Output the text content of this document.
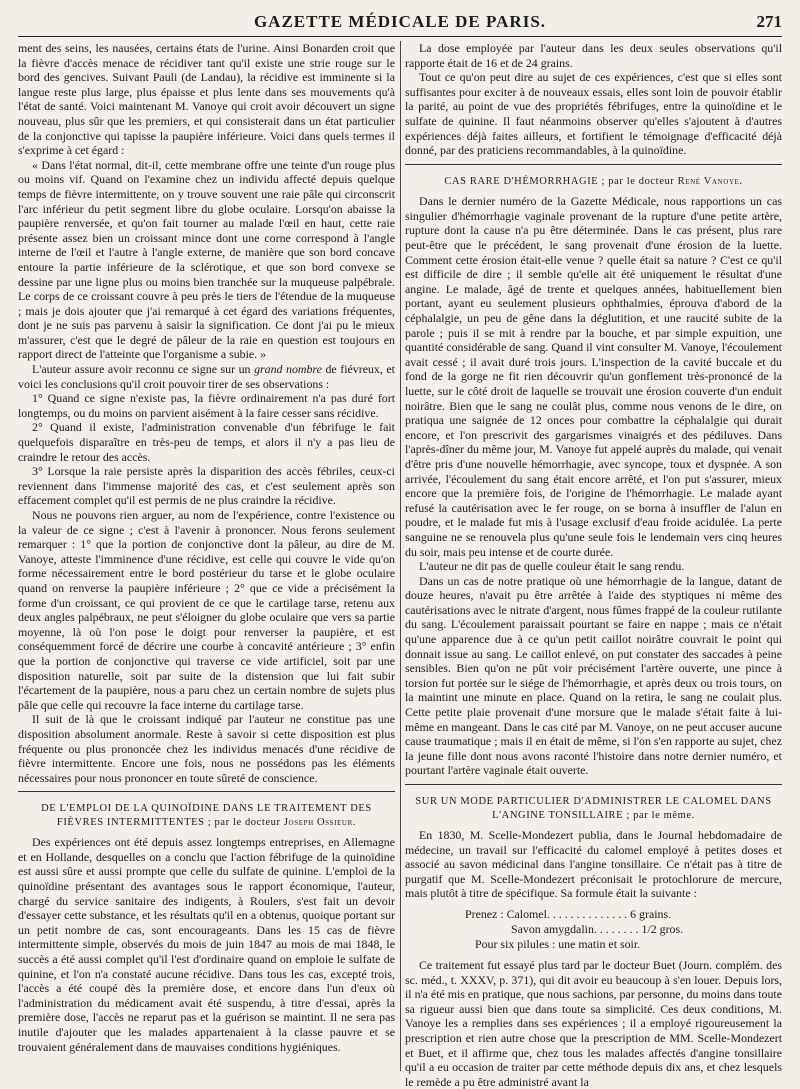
GAZETTE MÉDICALE DE PARIS.	271

ment des seins, les nausées, certains états de l'urine. Ainsi Bonarden croit que la fièvre d'accès menace de récidiver tant qu'il existe une strie rouge sur le bord des gencives. Suivant Pauli (de Landau), la récidive est imminente si la langue reste plus large, plus épaisse et plus lente dans ses mouvements qu'à l'état de santé. Voici maintenant M. Vanoye qui croit avoir découvert un signe nouveau, plus sûr que les premiers, et qui consisterait dans un état particulier de la conjonctive qui tapisse la paupière inférieure. Voici dans quels termes il s'exprime à cet égard :

« Dans l'état normal, dit-il, cette membrane offre une teinte d'un rouge plus ou moins vif. Quand on l'examine chez un individu affecté depuis quelque temps de fièvre intermittente, on y trouve souvent une raie pâle qui circonscrit l'arc inférieur du petit segment libre du globe oculaire. Lorsqu'on abaisse la paupière renversée, et qu'on fait tourner au malade l'œil en haut, cette raie présente assez bien un croissant mince dont une corne correspond à l'angle interne de l'œil et l'autre à l'angle externe, de manière que son bord concave entoure la partie inférieure de la sclérotique, et que son bord convexe se dessine par une ligne plus ou moins bien tranchée sur la muqueuse palpébrale. Le corps de ce croissant couvre à peu près le tiers de l'étendue de la muqueuse ; mais je dois ajouter que j'ai remarqué à cet égard des variations fréquentes, dont je ne suis pas parvenu à saisir la signification. Ce dont j'ai pu le mieux m'assurer, c'est que le degré de pâleur de la raie en question est toujours en rapport direct de l'atteinte que l'organisme a subie. »

L'auteur assure avoir reconnu ce signe sur un grand nombre de fiévreux, et voici les conclusions qu'il croit pouvoir tirer de ses observations :

1° Quand ce signe n'existe pas, la fièvre ordinairement n'a pas duré fort longtemps, ou du moins on parvient aisément à la faire cesser sans récidive.

2° Quand il existe, l'administration convenable d'un fébrifuge le fait quelquefois disparaître en très-peu de temps, et alors il n'y a pas lieu de craindre le retour des accès.

3° Lorsque la raie persiste après la disparition des accès fébriles, ceux-ci reviennent dans l'immense majorité des cas, et c'est seulement après son effacement complet qu'il est permis de ne plus craindre la récidive.

Nous ne pouvons rien arguer, au nom de l'expérience, contre l'existence ou la valeur de ce signe ; c'est à l'avenir à prononcer. Nous ferons seulement remarquer : 1° que la portion de conjonctive dont la pâleur, au dire de M. Vanoye, atteste l'imminence d'une récidive, est celle qui couvre le vide qu'on forme nécessairement entre le bord postérieur du tarse et le globe oculaire quand on renverse la paupière inférieure ; 2° que ce vide a précisément la forme d'un croissant, ce qui provient de ce que le cartilage tarse, retenu aux deux angles palpébraux, ne peut s'éloigner du globe oculaire que vers sa partie moyenne, là où l'on pose le doigt pour renverser la paupière, et est conséquemment forcé de décrire une courbe à concavité antérieure ; 3° enfin que la portion de conjonctive qui traverse ce vide artificiel, soit par une disposition naturelle, soit par suite de la distension que lui fait subir l'écartement de la paupière, nous a paru chez un certain nombre de sujets plus pâle que celle qui recouvre la face interne du cartilage tarse.

Il suit de là que le croissant indiqué par l'auteur ne constitue pas une disposition absolument anormale. Reste à savoir si cette disposition est plus fréquente ou plus prononcée chez les individus menacés d'une récidive de fièvre intermittente. Encore une fois, nous ne possédons pas les éléments nécessaires pour nous prononcer en toute sûreté de conscience.

DE L'EMPLOI DE LA QUINOÏDINE DANS LE TRAITEMENT DES FIÈVRES INTERMITTENTES ; par le docteur Joseph Ossieur.

Des expériences ont été depuis assez longtemps entreprises, en Allemagne et en Hollande, desquelles on a conclu que l'action fébrifuge de la quinoïdine est aussi sûre et aussi prompte que celle du sulfate de quinine. L'emploi de la quinoïdine présentant des avantages sous le rapport économique, l'auteur, chargé du service sanitaire des indigents, à Roulers, s'est fait un devoir d'essayer cette substance, et les résultats qu'il en a obtenus, quoique portant sur un petit nombre de cas, sont encourageants. Dans les 15 cas de fièvre intermittente simple, observés du mois de juin 1847 au mois de mai 1848, le succès a été aussi complet qu'il l'est d'ordinaire quand on emploie le sulfate de quinine, et l'on n'a constaté aucune récidive. Dans tous les cas, excepté trois, l'accès a été coupé dès la première dose, et encore dans l'un d'eux où l'administration du médicament avait été suspendu, à titre d'essai, après la première dose, l'accès ne reparut pas et la guérison se maintint. Il ne sera pas inutile d'ajouter que les malades appartenaient à la classe pauvre et se trouvaient généralement dans de mauvaises conditions hygiéniques.

La dose employée par l'auteur dans les deux seules observations qu'il rapporte était de 16 et de 24 grains.

Tout ce qu'on peut dire au sujet de ces expériences, c'est que si elles sont suffisantes pour exciter à de nouveaux essais, elles sont loin de pouvoir établir la parité, au point de vue des propriétés fébrifuges, entre la quinoïdine et le sulfate de quinine. Il faut néanmoins observer qu'elles s'ajoutent à d'autres expériences déjà faites ailleurs, et fortifient le témoignage d'efficacité déjà donné, par des praticiens recommandables, à la quinoïdine.

CAS RARE D'HÉMORRHAGIE ; par le docteur René Vanoye.

Dans le dernier numéro de la Gazette Médicale, nous rapportions un cas singulier d'hémorrhagie vaginale provenant de la rupture d'une petite artère, rupture dont la cause n'a pu être déterminée. Dans le cas présent, plus rare peut-être que le précédent, le sang provenait d'une érosion de la luette. Comment cette érosion était-elle venue ? quelle était sa nature ? C'est ce qu'il est difficile de dire ; il semble qu'elle ait été uniquement le résultat d'une angine. Le malade, âgé de trente et quelques années, habituellement bien portant, ayant eu seulement plusieurs ophthalmies, éprouva d'abord de la céphalalgie, un peu de gêne dans la déglutition, et une raucité subite de la parole ; puis il se mit à rendre par la bouche, et par simple expuition, une quantité considérable de sang. Quand il vint consulter M. Vanoye, l'écoulement avait cessé ; il avait duré trois jours. L'inspection de la cavité buccale et du fond de la gorge ne fit rien découvrir qu'un gonflement très-prononcé de la luette, sur le côté droit de laquelle se trouvait une érosion couverte d'un enduit noirâtre. Bien que le sang ne coulât plus, comme nous venons de le dire, on pratiqua une saignée de 12 onces pour combattre la céphalalgie qui durait encore, et l'on prescrivit des gargarismes vinaigrés et des pédiluves. Dans l'après-dîner du même jour, M. Vanoye fut appelé auprès du malade, qui venait d'être pris d'une nouvelle hémorrhagie, avec syncope, toux et dyspnée. A son arrivée, l'écoulement du sang était encore arrêté, et l'on put s'assurer, mieux encore que la première fois, de l'origine de l'hémorrhagie. Le malade ayant refusé la cautérisation avec le fer rouge, on se borna à insuffler de l'alun en poudre, et le malade fut mis à l'usage exclusif d'eau froide acidulée. La perte sanguine ne se renouvela plus qu'une seule fois le lendemain vers cinq heures du soir, mais peu intense et de courte durée.

L'auteur ne dit pas de quelle couleur était le sang rendu.

Dans un cas de notre pratique où une hémorrhagie de la langue, datant de douze heures, n'avait pu être arrêtée à l'aide des styptiques ni même des cautérisations avec le nitrate d'argent, nous fûmes frappé de la couleur rutilante du sang. L'écoulement paraissait pourtant se faire en nappe ; mais ce n'était qu'une apparence due à ce qu'un petit caillot noirâtre couvrait le point qui donnait issue au sang. Le caillot enlevé, on put constater des saccades à peine sensibles. Bien qu'on ne pût voir précisément l'artère ouverte, une pince à torsion fut portée sur le siége de l'hémorrhagie, et après deux ou trois tours, on la maintint une minute en place. Quand on la retira, le sang ne coulait plus. Cette petite plaie provenait d'une morsure que le malade s'était faite à lui-même en mangeant. Dans le cas cité par M. Vanoye, on ne peut accuser aucune cause traumatique ; mais il en était de même, si l'on s'en rapporte au sujet, chez la jeune fille dont nous avons raconté l'histoire dans notre dernier numéro, et pourtant l'artère vaginale était ouverte.

SUR UN MODE PARTICULIER D'ADMINISTRER LE CALOMEL DANS L'ANGINE TONSILLAIRE ; par le même.

En 1830, M. Scelle-Mondezert publia, dans le Journal hebdomadaire de médecine, un travail sur l'efficacité du calomel employé à petites doses et associé au savon médicinal dans l'angine tonsillaire. Ce n'était pas à titre de purgatif que M. Scelle-Mondezert préconisait le protochlorure de mercure, mais plutôt à titre de spécifique. Sa formule était la suivante :

Prenez : Calomel. . . . . . . . . . . . . . 6 grains.
Savon amygdalin. . . . . . . . 1/2 gros.
Pour six pilules : une matin et soir.

Ce traitement fut essayé plus tard par le docteur Buet (Journ. complém. des sc. méd., t. XXXV, p. 371), qui dit avoir eu beaucoup à s'en louer. Depuis lors, il n'a été mis en pratique, que nous sachions, par personne, du moins dans toute sa rigueur aussi bien que dans toute sa simplicité. Ces deux conditions, M. Vanoye les a remplies dans ses expériences ; il a employé rigoureusement la prescription et rien autre chose que la prescription de MM. Scelle-Mondezert et Buet, et il affirme que, chez tous les malades affectés d'angine tonsillaire qu'il a eu occasion de traiter par cette méthode depuis dix ans, et chez lesquels le remède a pu être administré avant la
